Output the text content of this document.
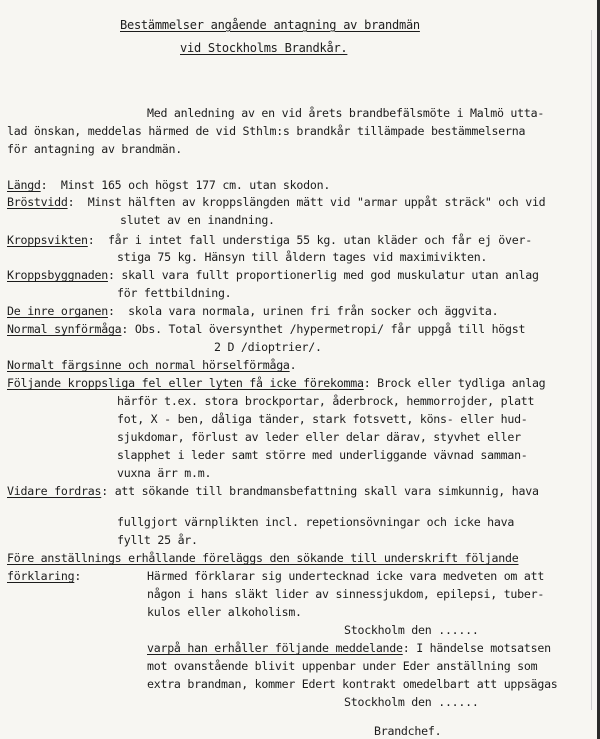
Bestämmelser angående antagning av brandmän
vid Stockholms Brandkår.
Med anledning av en vid årets brandbefälsmöte i Malmö utta-
lad önskan, meddelas härmed de vid Sthlm:s brandkår tillämpade bestämmelserna
för antagning av brandmän.
Längd:  Minst 165 och högst 177 cm. utan skodon.
Bröstvidd:  Minst hälften av kroppslängden mätt vid "armar uppåt sträck" och vid
slutet av en inandning.
Kroppsvikten:  får i intet fall understiga 55 kg. utan kläder och får ej över-
stiga 75 kg. Hänsyn till åldern tages vid maximivikten.
Kroppsbyggnaden: skall vara fullt proportionerlig med god muskulatur utan anlag
för fettbildning.
De inre organen:  skola vara normala, urinen fri från socker och äggvita.
Normal synförmåga: Obs. Total översynthet /hypermetropi/ får uppgå till högst
2 D /dioptrier/.
Normalt färgsinne och normal hörselförmåga.
Följande kroppsliga fel eller lyten få icke förekomma: Brock eller tydliga anlag
härför t.ex. stora brockportar, åderbrock, hemmorrojder, platt
fot, X - ben, dåliga tänder, stark fotsvett, köns- eller hud-
sjukdomar, förlust av leder eller delar därav, styvhet eller
slapphet i leder samt större med underliggande vävnad samman-
vuxna ärr m.m.
Vidare fordras: att sökande till brandmansbefattning skall vara simkunnig, hava
fullgjort värnplikten incl. repetionsövningar och icke hava
fyllt 25 år.
Före anställnings erhållande föreläggs den sökande till underskrift följande
förklaring:	Härmed förklarar sig undertecknad icke vara medveten om att
någon i hans släkt lider av sinnessjukdom, epilepsi, tuber-
kulos eller alkoholism.
Stockholm den ......
varpå han erhåller följande meddelande: I händelse motsatsen
mot ovanstående blivit uppenbar under Eder anställning som
extra brandman, kommer Edert kontrakt omedelbart att uppsägas
Stockholm den ......
Brandchef.
